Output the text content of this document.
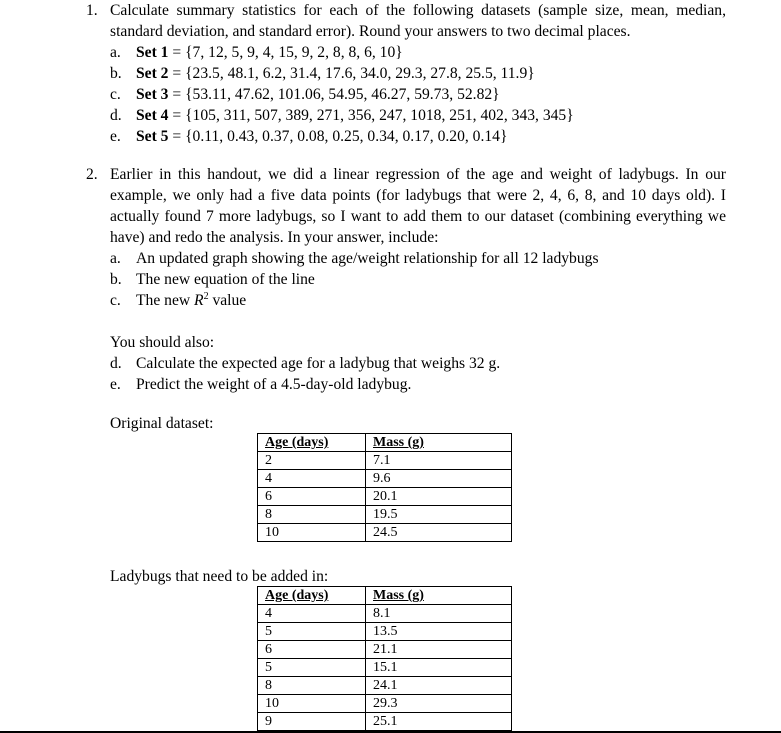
1. Calculate summary statistics for each of the following datasets (sample size, mean, median, standard deviation, and standard error). Round your answers to two decimal places.
a. Set 1 = {7, 12, 5, 9, 4, 15, 9, 2, 8, 8, 6, 10}
b. Set 2 = {23.5, 48.1, 6.2, 31.4, 17.6, 34.0, 29.3, 27.8, 25.5, 11.9}
c. Set 3 = {53.11, 47.62, 101.06, 54.95, 46.27, 59.73, 52.82}
d. Set 4 = {105, 311, 507, 389, 271, 356, 247, 1018, 251, 402, 343, 345}
e. Set 5 = {0.11, 0.43, 0.37, 0.08, 0.25, 0.34, 0.17, 0.20, 0.14}
2. Earlier in this handout, we did a linear regression of the age and weight of ladybugs. In our example, we only had a five data points (for ladybugs that were 2, 4, 6, 8, and 10 days old). I actually found 7 more ladybugs, so I want to add them to our dataset (combining everything we have) and redo the analysis. In your answer, include:
a. An updated graph showing the age/weight relationship for all 12 ladybugs
b. The new equation of the line
c. The new $R^2$ value
You should also:
d. Calculate the expected age for a ladybug that weighs 32 g.
e. Predict the weight of a 4.5-day-old ladybug.
Original dataset:
Age (days)	Mass (g)
2	7.1
4	9.6
6	20.1
8	19.5
10	24.5
Ladybugs that need to be added in:
Age (days)	Mass (g)
4	8.1
5	13.5
6	21.1
5	15.1
8	24.1
10	29.3
9	25.1
